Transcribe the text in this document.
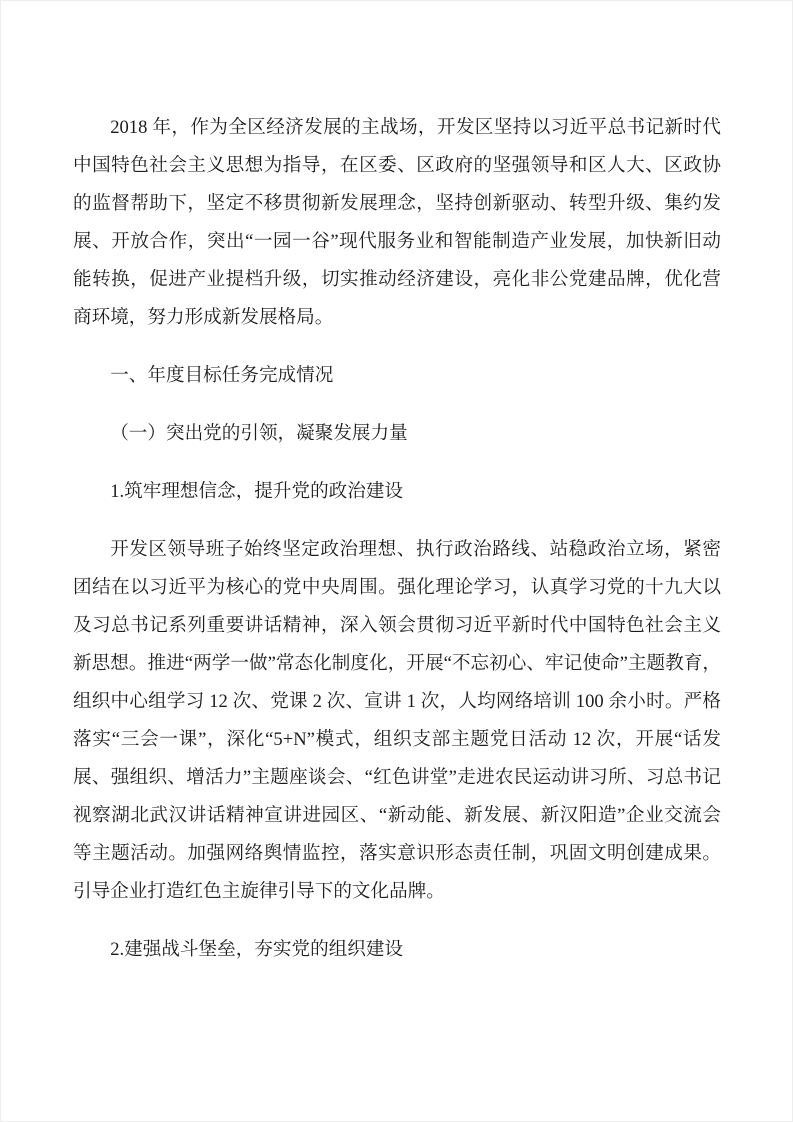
2018 年，作为全区经济发展的主战场，开发区坚持以习近平总书记新时代中国特色社会主义思想为指导，在区委、区政府的坚强领导和区人大、区政协的监督帮助下，坚定不移贯彻新发展理念，坚持创新驱动、转型升级、集约发展、开放合作，突出“一园一谷”现代服务业和智能制造产业发展，加快新旧动能转换，促进产业提档升级，切实推动经济建设，亮化非公党建品牌，优化营商环境，努力形成新发展格局。

一、年度目标任务完成情况

（一）突出党的引领，凝聚发展力量

1.筑牢理想信念，提升党的政治建设

开发区领导班子始终坚定政治理想、执行政治路线、站稳政治立场，紧密团结在以习近平为核心的党中央周围。强化理论学习，认真学习党的十九大以及习总书记系列重要讲话精神，深入领会贯彻习近平新时代中国特色社会主义新思想。推进“两学一做”常态化制度化，开展“不忘初心、牢记使命”主题教育，组织中心组学习 12 次、党课 2 次、宣讲 1 次，人均网络培训 100 余小时。严格落实“三会一课”，深化“5+N”模式，组织支部主题党日活动 12 次，开展“话发展、强组织、增活力”主题座谈会、“红色讲堂”走进农民运动讲习所、习总书记视察湖北武汉讲话精神宣讲进园区、“新动能、新发展、新汉阳造”企业交流会等主题活动。加强网络舆情监控，落实意识形态责任制，巩固文明创建成果。引导企业打造红色主旋律引导下的文化品牌。

2.建强战斗堡垒，夯实党的组织建设
